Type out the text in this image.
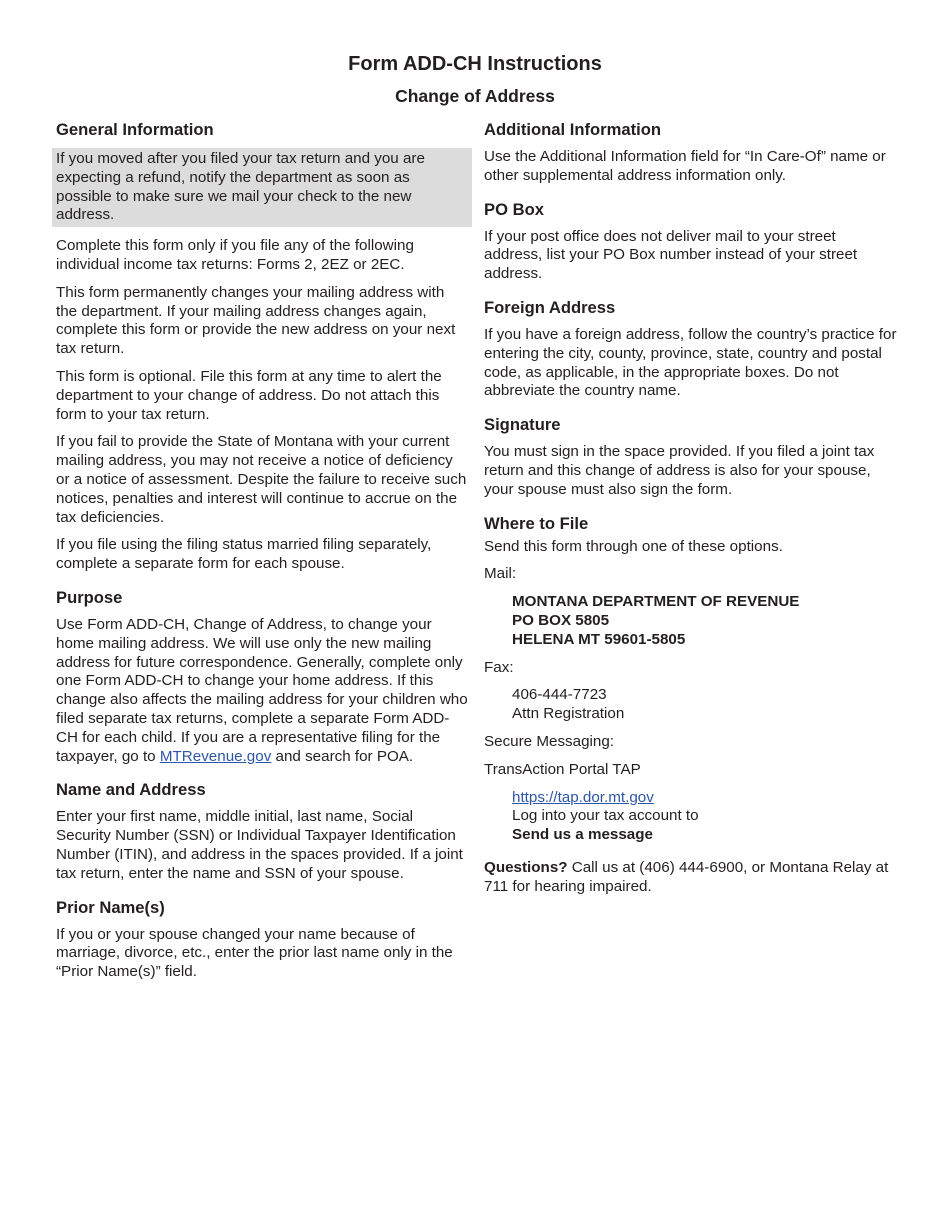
Form ADD-CH Instructions
Change of Address
General Information

If you moved after you filed your tax return and you are expecting a refund, notify the department as soon as possible to make sure we mail your check to the new address.

Complete this form only if you file any of the following individual income tax returns: Forms 2, 2EZ or 2EC.

This form permanently changes your mailing address with the department. If your mailing address changes again, complete this form or provide the new address on your next tax return.

This form is optional. File this form at any time to alert the department to your change of address. Do not attach this form to your tax return.

If you fail to provide the State of Montana with your current mailing address, you may not receive a notice of deficiency or a notice of assessment. Despite the failure to receive such notices, penalties and interest will continue to accrue on the tax deficiencies.

If you file using the filing status married filing separately, complete a separate form for each spouse.

Purpose

Use Form ADD-CH, Change of Address, to change your home mailing address. We will use only the new mailing address for future correspondence. Generally, complete only one Form ADD-CH to change your home address. If this change also affects the mailing address for your children who filed separate tax returns, complete a separate Form ADD-CH for each child. If you are a representative filing for the taxpayer, go to MTRevenue.gov and search for POA.

Name and Address

Enter your first name, middle initial, last name, Social Security Number (SSN) or Individual Taxpayer Identification Number (ITIN), and address in the spaces provided. If a joint tax return, enter the name and SSN of your spouse.

Prior Name(s)

If you or your spouse changed your name because of marriage, divorce, etc., enter the prior last name only in the “Prior Name(s)” field.

Additional Information

Use the Additional Information field for “In Care-Of” name or other supplemental address information only.

PO Box

If your post office does not deliver mail to your street address, list your PO Box number instead of your street address.

Foreign Address

If you have a foreign address, follow the country’s practice for entering the city, county, province, state, country and postal code, as applicable, in the appropriate boxes. Do not abbreviate the country name.

Signature

You must sign in the space provided. If you filed a joint tax return and this change of address is also for your spouse, your spouse must also sign the form.

Where to File

Send this form through one of these options.

Mail:

MONTANA DEPARTMENT OF REVENUE
PO BOX 5805
HELENA MT 59601-5805

Fax:

406-444-7723
Attn Registration

Secure Messaging:

TransAction Portal TAP

https://tap.dor.mt.gov
Log into your tax account to
Send us a message

Questions? Call us at (406) 444-6900, or Montana Relay at 711 for hearing impaired.
